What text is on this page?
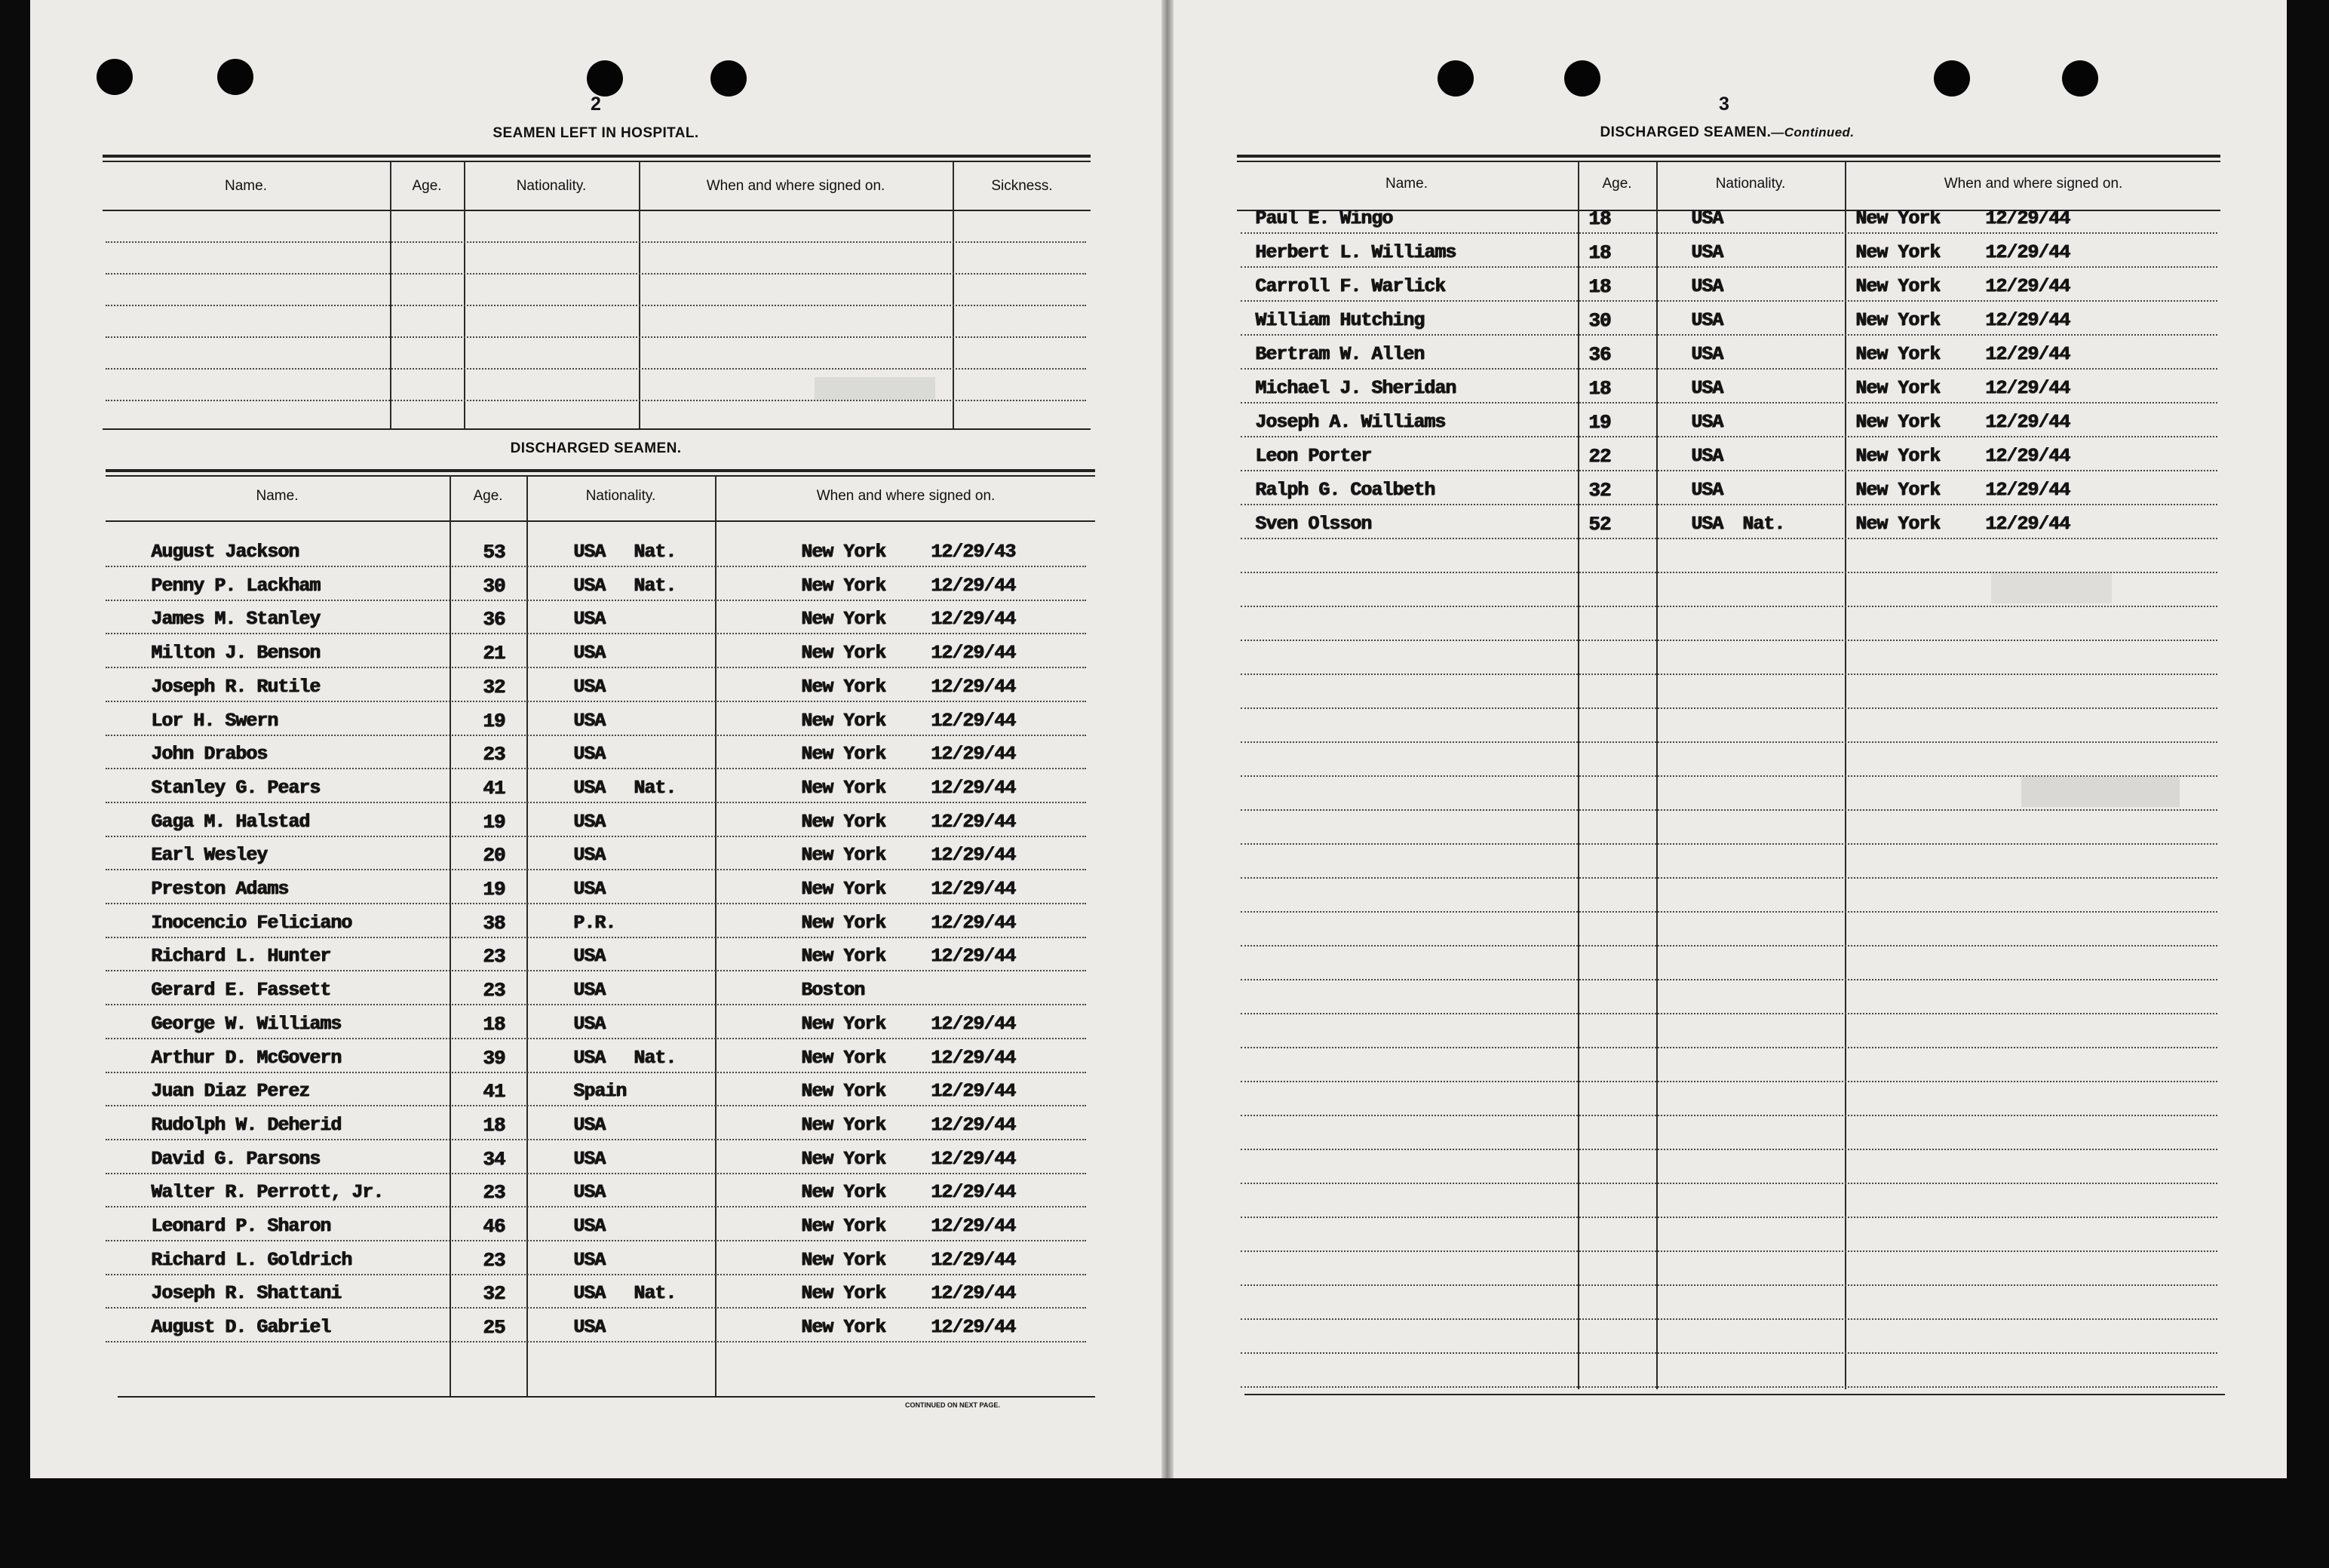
2
SEAMEN LEFT IN HOSPITAL.
Name.	Age.	Nationality.	When and where signed on.	Sickness.
DISCHARGED SEAMEN.
Name.	Age.	Nationality.	When and where signed on.
August Jackson	53	USA Nat.	New York 12/29/43
Penny P. Lackham	30	USA Nat.	New York 12/29/44
James M. Stanley	36	USA	New York 12/29/44
Milton J. Benson	21	USA	New York 12/29/44
Joseph R. Rutile	32	USA	New York 12/29/44
Lor H. Swern	19	USA	New York 12/29/44
John Drabos	23	USA	New York 12/29/44
Stanley G. Pears	41	USA Nat.	New York 12/29/44
Gaga M. Halstad	19	USA	New York 12/29/44
Earl Wesley	20	USA	New York 12/29/44
Preston Adams	19	USA	New York 12/29/44
Inocencio Feliciano	38	P.R.	New York 12/29/44
Richard L. Hunter	23	USA	New York 12/29/44
Gerard E. Fassett	23	USA	Boston
George W. Williams	18	USA	New York 12/29/44
Arthur D. McGovern	39	USA Nat.	New York 12/29/44
Juan Diaz Perez	41	Spain	New York 12/29/44
Rudolph W. Deherid	18	USA	New York 12/29/44
David G. Parsons	34	USA	New York 12/29/44
Walter R. Perrott, Jr.	23	USA	New York 12/29/44
Leonard P. Sharon	46	USA	New York 12/29/44
Richard L. Goldrich	23	USA	New York 12/29/44
Joseph R. Shattani	32	USA Nat.	New York 12/29/44
August D. Gabriel	25	USA	New York 12/29/44
CONTINUED ON NEXT PAGE.
3
DISCHARGED SEAMEN.—Continued.
Name.	Age.	Nationality.	When and where signed on.
Paul E. Wingo	18	USA	New York 12/29/44
Herbert L. Williams	18	USA	New York 12/29/44
Carroll F. Warlick	18	USA	New York 12/29/44
William Hutching	30	USA	New York 12/29/44
Bertram W. Allen	36	USA	New York 12/29/44
Michael J. Sheridan	18	USA	New York 12/29/44
Joseph A. Williams	19	USA	New York 12/29/44
Leon Porter	22	USA	New York 12/29/44
Ralph G. Coalbeth	32	USA	New York 12/29/44
Sven Olsson	52	USA Nat.	New York 12/29/44
